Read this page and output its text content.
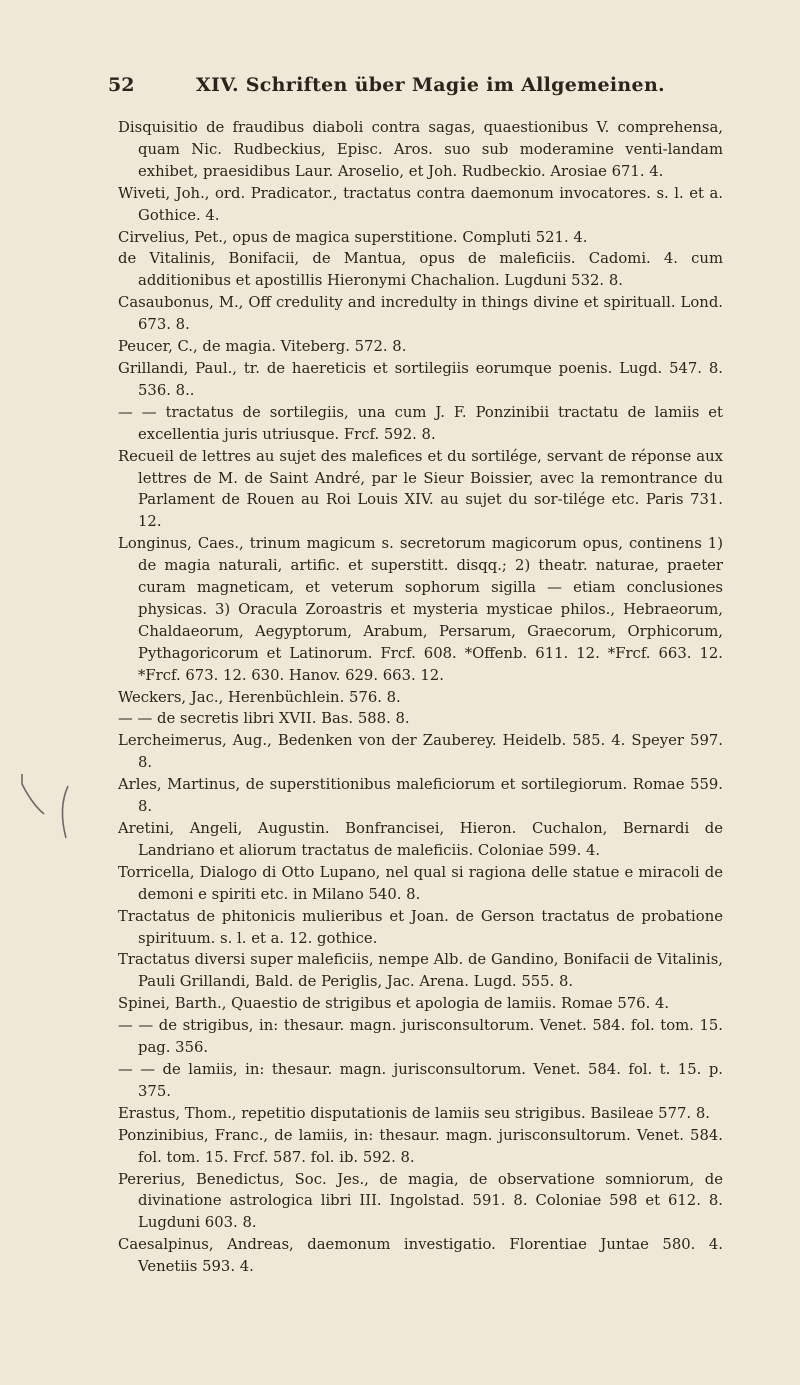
52	XIV. Schriften über Magie im Allgemeinen.

Disquisitio de fraudibus diaboli contra sagas, quaestionibus V. comprehensa, quam Nic. Rudbeckius, Episc. Aros. suo sub moderamine venti-landam exhibet, praesidibus Laur. Aroselio, et Joh. Rudbeckio. Arosiae 671. 4.

Wiveti, Joh., ord. Pradicator., tractatus contra daemonum invocatores. s. l. et a. Gothice. 4.

Cirvelius, Pet., opus de magica superstitione. Compluti 521. 4.

de Vitalinis, Bonifacii, de Mantua, opus de maleficiis. Cadomi. 4. cum additionibus et apostillis Hieronymi Chachalion. Lugduni 532. 8.

Casaubonus, M., Off credulity and incredulty in things divine et spirituall. Lond. 673. 8.

Peucer, C., de magia. Viteberg. 572. 8.

Grillandi, Paul., tr. de haereticis et sortilegiis eorumque poenis. Lugd. 547. 8. 536. 8..

— — tractatus de sortilegiis, una cum J. F. Ponzinibii tractatu de lamiis et excellentia juris utriusque. Frcf. 592. 8.

Recueil de lettres au sujet des malefices et du sortilége, servant de réponse aux lettres de M. de Saint André, par le Sieur Boissier, avec la remontrance du Parlament de Rouen au Roi Louis XIV. au sujet du sor-tilége etc. Paris 731. 12.

Longinus, Caes., trinum magicum s. secretorum magicorum opus, continens 1) de magia naturali, artific. et superstitt. disqq.; 2) theatr. naturae, praeter curam magneticam, et veterum sophorum sigilla — etiam conclusiones physicas. 3) Oracula Zoroastris et mysteria mysticae philos., Hebraeorum, Chaldaeorum, Aegyptorum, Arabum, Persarum, Graecorum, Orphicorum, Pythagoricorum et Latinorum. Frcf. 608. *Offenb. 611. 12. *Frcf. 663. 12. *Frcf. 673. 12. 630. Hanov. 629. 663. 12.

Weckers, Jac., Herenbüchlein. 576. 8.

— — de secretis libri XVII. Bas. 588. 8.

Lercheimerus, Aug., Bedenken von der Zauberey. Heidelb. 585. 4. Speyer 597. 8.

Arles, Martinus, de superstitionibus maleficiorum et sortilegiorum. Romae 559. 8.

Aretini, Angeli, Augustin. Bonfrancisei, Hieron. Cuchalon, Bernardi de Landriano et aliorum tractatus de maleficiis. Coloniae 599. 4.

Torricella, Dialogo di Otto Lupano, nel qual si ragiona delle statue e miracoli de demoni e spiriti etc. in Milano 540. 8.

Tractatus de phitonicis mulieribus et Joan. de Gerson tractatus de probatione spirituum. s. l. et a. 12. gothice.

Tractatus diversi super maleficiis, nempe Alb. de Gandino, Bonifacii de Vitalinis, Pauli Grillandi, Bald. de Periglis, Jac. Arena. Lugd. 555. 8.

Spinei, Barth., Quaestio de strigibus et apologia de lamiis. Romae 576. 4.

— — de strigibus, in: thesaur. magn. jurisconsultorum. Venet. 584. fol. tom. 15. pag. 356.

— — de lamiis, in: thesaur. magn. jurisconsultorum. Venet. 584. fol. t. 15. p. 375.

Erastus, Thom., repetitio disputationis de lamiis seu strigibus. Basileae 577. 8.

Ponzinibius, Franc., de lamiis, in: thesaur. magn. jurisconsultorum. Venet. 584. fol. tom. 15. Frcf. 587. fol. ib. 592. 8.

Pererius, Benedictus, Soc. Jes., de magia, de observatione somniorum, de divinatione astrologica libri III. Ingolstad. 591. 8. Coloniae 598 et 612. 8. Lugduni 603. 8.

Caesalpinus, Andreas, daemonum investigatio. Florentiae Juntae 580. 4. Venetiis 593. 4.
